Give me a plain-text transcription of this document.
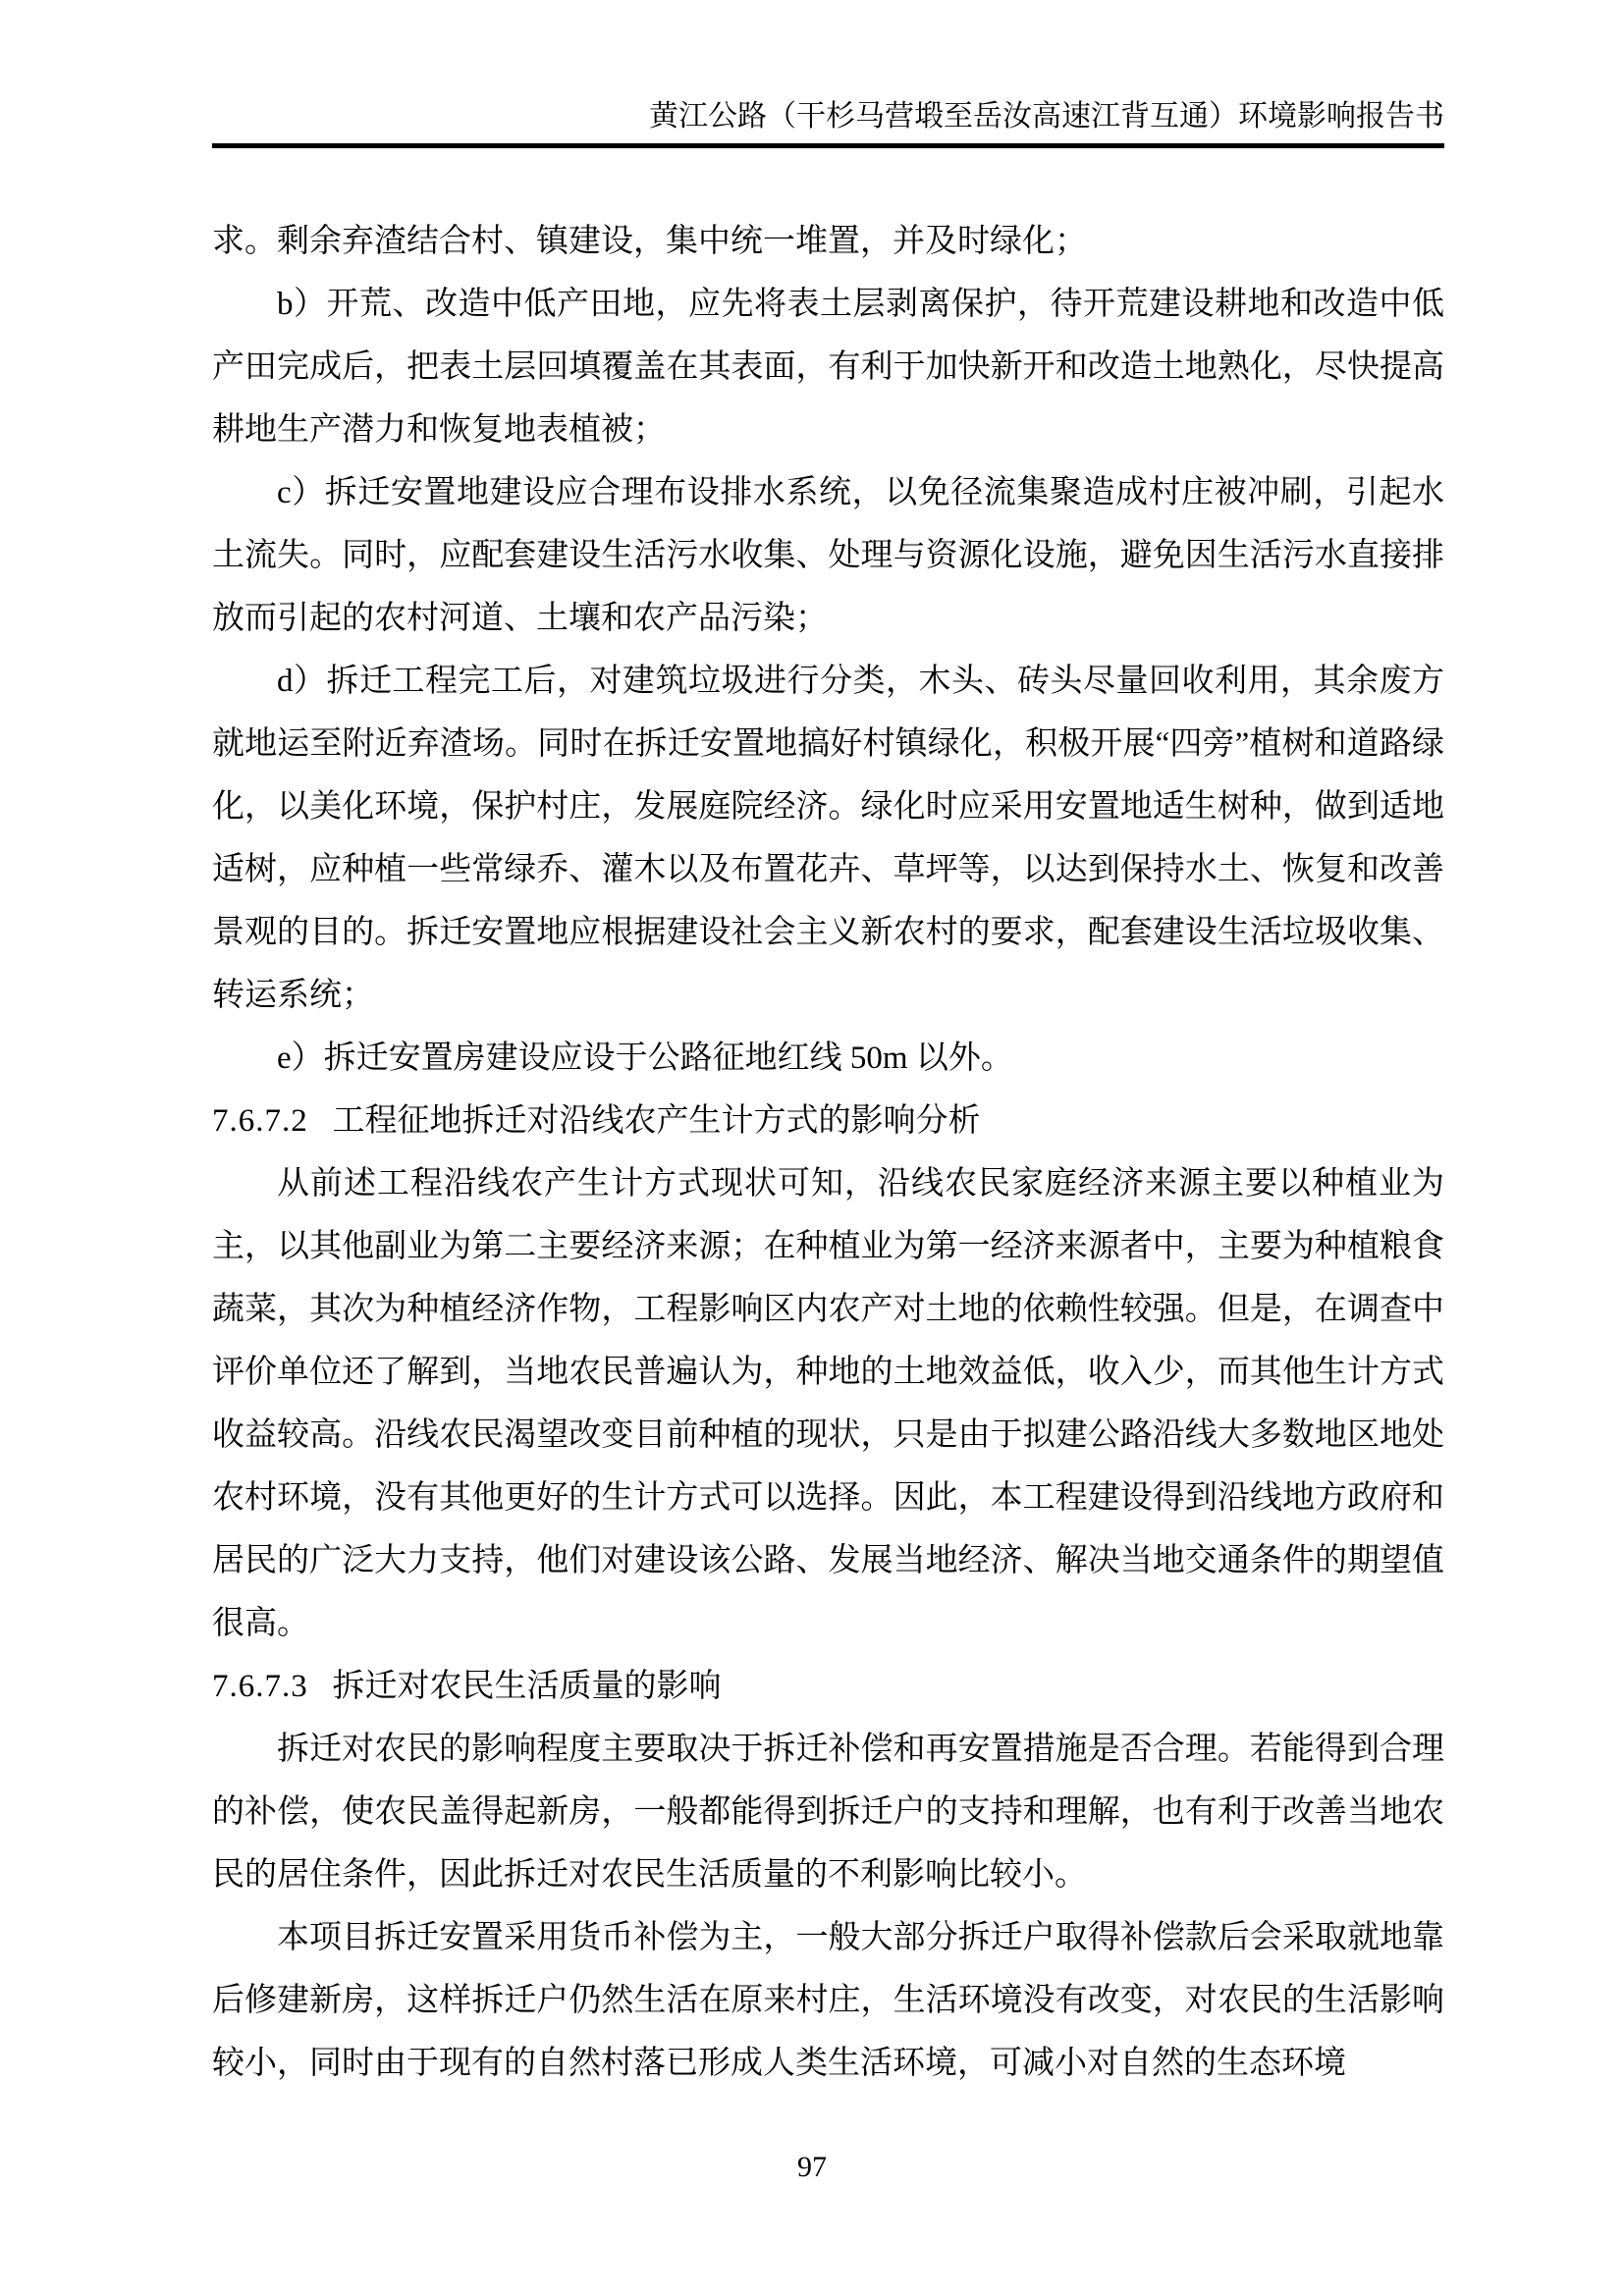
黄江公路（干杉马营塅至岳汝高速江背互通）环境影响报告书

求。剩余弃渣结合村、镇建设，集中统一堆置，并及时绿化；

b）开荒、改造中低产田地，应先将表土层剥离保护，待开荒建设耕地和改造中低产田完成后，把表土层回填覆盖在其表面，有利于加快新开和改造土地熟化，尽快提高耕地生产潜力和恢复地表植被；

c）拆迁安置地建设应合理布设排水系统，以免径流集聚造成村庄被冲刷，引起水土流失。同时，应配套建设生活污水收集、处理与资源化设施，避免因生活污水直接排放而引起的农村河道、土壤和农产品污染；

d）拆迁工程完工后，对建筑垃圾进行分类，木头、砖头尽量回收利用，其余废方就地运至附近弃渣场。同时在拆迁安置地搞好村镇绿化，积极开展“四旁”植树和道路绿化，以美化环境，保护村庄，发展庭院经济。绿化时应采用安置地适生树种，做到适地适树，应种植一些常绿乔、灌木以及布置花卉、草坪等，以达到保持水土、恢复和改善景观的目的。拆迁安置地应根据建设社会主义新农村的要求，配套建设生活垃圾收集、转运系统；

e）拆迁安置房建设应设于公路征地红线 50m 以外。

7.6.7.2 工程征地拆迁对沿线农产生计方式的影响分析

从前述工程沿线农产生计方式现状可知，沿线农民家庭经济来源主要以种植业为主，以其他副业为第二主要经济来源；在种植业为第一经济来源者中，主要为种植粮食蔬菜，其次为种植经济作物，工程影响区内农产对土地的依赖性较强。但是，在调查中评价单位还了解到，当地农民普遍认为，种地的土地效益低，收入少，而其他生计方式收益较高。沿线农民渴望改变目前种植的现状，只是由于拟建公路沿线大多数地区地处农村环境，没有其他更好的生计方式可以选择。因此，本工程建设得到沿线地方政府和居民的广泛大力支持，他们对建设该公路、发展当地经济、解决当地交通条件的期望值很高。

7.6.7.3 拆迁对农民生活质量的影响

拆迁对农民的影响程度主要取决于拆迁补偿和再安置措施是否合理。若能得到合理的补偿，使农民盖得起新房，一般都能得到拆迁户的支持和理解，也有利于改善当地农民的居住条件，因此拆迁对农民生活质量的不利影响比较小。

本项目拆迁安置采用货币补偿为主，一般大部分拆迁户取得补偿款后会采取就地靠后修建新房，这样拆迁户仍然生活在原来村庄，生活环境没有改变，对农民的生活影响较小，同时由于现有的自然村落已形成人类生活环境，可减小对自然的生态环境

97
